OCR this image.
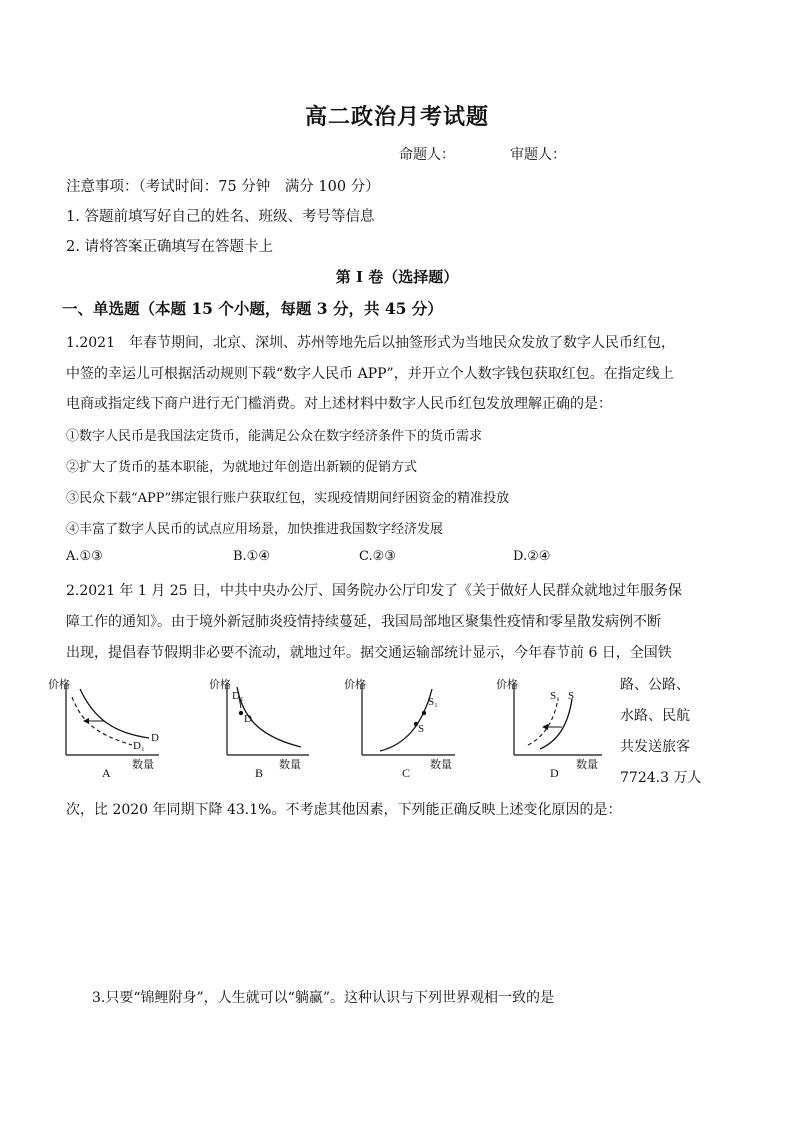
高二政治月考试题
命题人：	审题人：
注意事项：（考试时间：75 分钟　满分 100 分）
1. 答题前填写好自己的姓名、班级、考号等信息
2. 请将答案正确填写在答题卡上
第 I 卷（选择题）
一、单选题（本题 15 个小题，每题 3 分，共 45 分）
1.2021　年春节期间，北京、深圳、苏州等地先后以抽签形式为当地民众发放了数字人民币红包，
中签的幸运儿可根据活动规则下载“数字人民币 APP”，并开立个人数字钱包获取红包。在指定线上
电商或指定线下商户进行无门槛消费。对上述材料中数字人民币红包发放理解正确的是：
①数字人民币是我国法定货币，能满足公众在数字经济条件下的货币需求
②扩大了货币的基本职能，为就地过年创造出新颖的促销方式
③民众下载“APP”绑定银行账户获取红包，实现疫情期间纾困资金的精准投放
④丰富了数字人民币的试点应用场景，加快推进我国数字经济发展
A.①③	B.①④	C.②③	D.②④
2.2021 年 1 月 25 日，中共中央办公厅、国务院办公厅印发了《关于做好人民群众就地过年服务保
障工作的通知》。由于境外新冠肺炎疫情持续蔓延，我国局部地区聚集性疫情和零星散发病例不断
出现，提倡春节假期非必要不流动，就地过年。据交通运输部统计显示，今年春节前 6 日，全国铁
路、公路、
水路、民航
共发送旅客
7724.3 万人
次，比 2020 年同期下降 43.1%。不考虑其他因素，下列能正确反映上述变化原因的是：
价格
D
D₁
数量
A
价格
D₁
D
数量
B
价格
S₁
S
数量
C
价格
S₁ S
数量
D
3.只要“锦鲤附身”，人生就可以“躺赢”。这种认识与下列世界观相一致的是
